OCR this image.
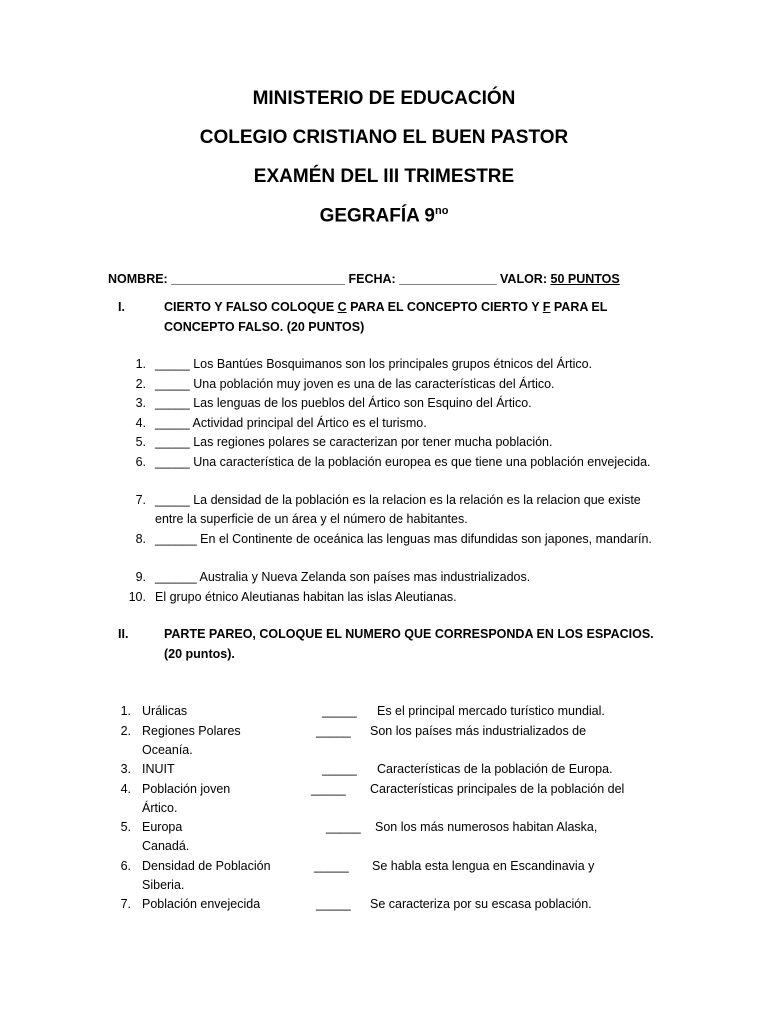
MINISTERIO DE EDUCACIÓN
COLEGIO CRISTIANO EL BUEN PASTOR
EXAMÉN DEL III TRIMESTRE
GEGRAFÍA $9^{no}$
NOMBRE: _________________________ FECHA: ______________ VALOR: 50 PUNTOS
I.	CIERTO Y FALSO COLOQUE C PARA EL CONCEPTO CIERTO Y F PARA EL CONCEPTO FALSO. (20 PUNTOS)
1. _____ Los Bantúes Bosquimanos son los principales grupos étnicos del Ártico.
2. _____ Una población muy joven es una de las características del Ártico.
3. _____ Las lenguas de los pueblos del Ártico son Esquino del Ártico.
4. _____ Actividad principal del Ártico es el turismo.
5. _____ Las regiones polares se caracterizan por tener mucha población.
6. _____ Una característica de la población europea es que tiene una población envejecida.
7. _____ La densidad de la población es la relacion es la relación es la relacion que existe entre la superficie de un área y el número de habitantes.
8. ______ En el Continente de oceánica las lenguas mas difundidas son japones, mandarín.
9. ______ Australia y Nueva Zelanda son países mas industrializados.
10. El grupo étnico Aleutianas habitan las islas Aleutianas.
II.	PARTE PAREO, COLOQUE EL NUMERO QUE CORRESPONDA EN LOS ESPACIOS. (20 puntos).
1. Urálicas	_____ Es el principal mercado turístico mundial.
2. Regiones Polares	_____ Son los países más industrializados de
Oceanía.
3. INUIT	_____ Características de la población de Europa.
4. Población joven	_____ Características principales de la población del
Ártico.
5. Europa	_____ Son los más numerosos habitan Alaska,
Canadá.
6. Densidad de Población	_____ Se habla esta lengua en Escandinavia y
Siberia.
7. Población envejecida	_____ Se caracteriza por su escasa población.
